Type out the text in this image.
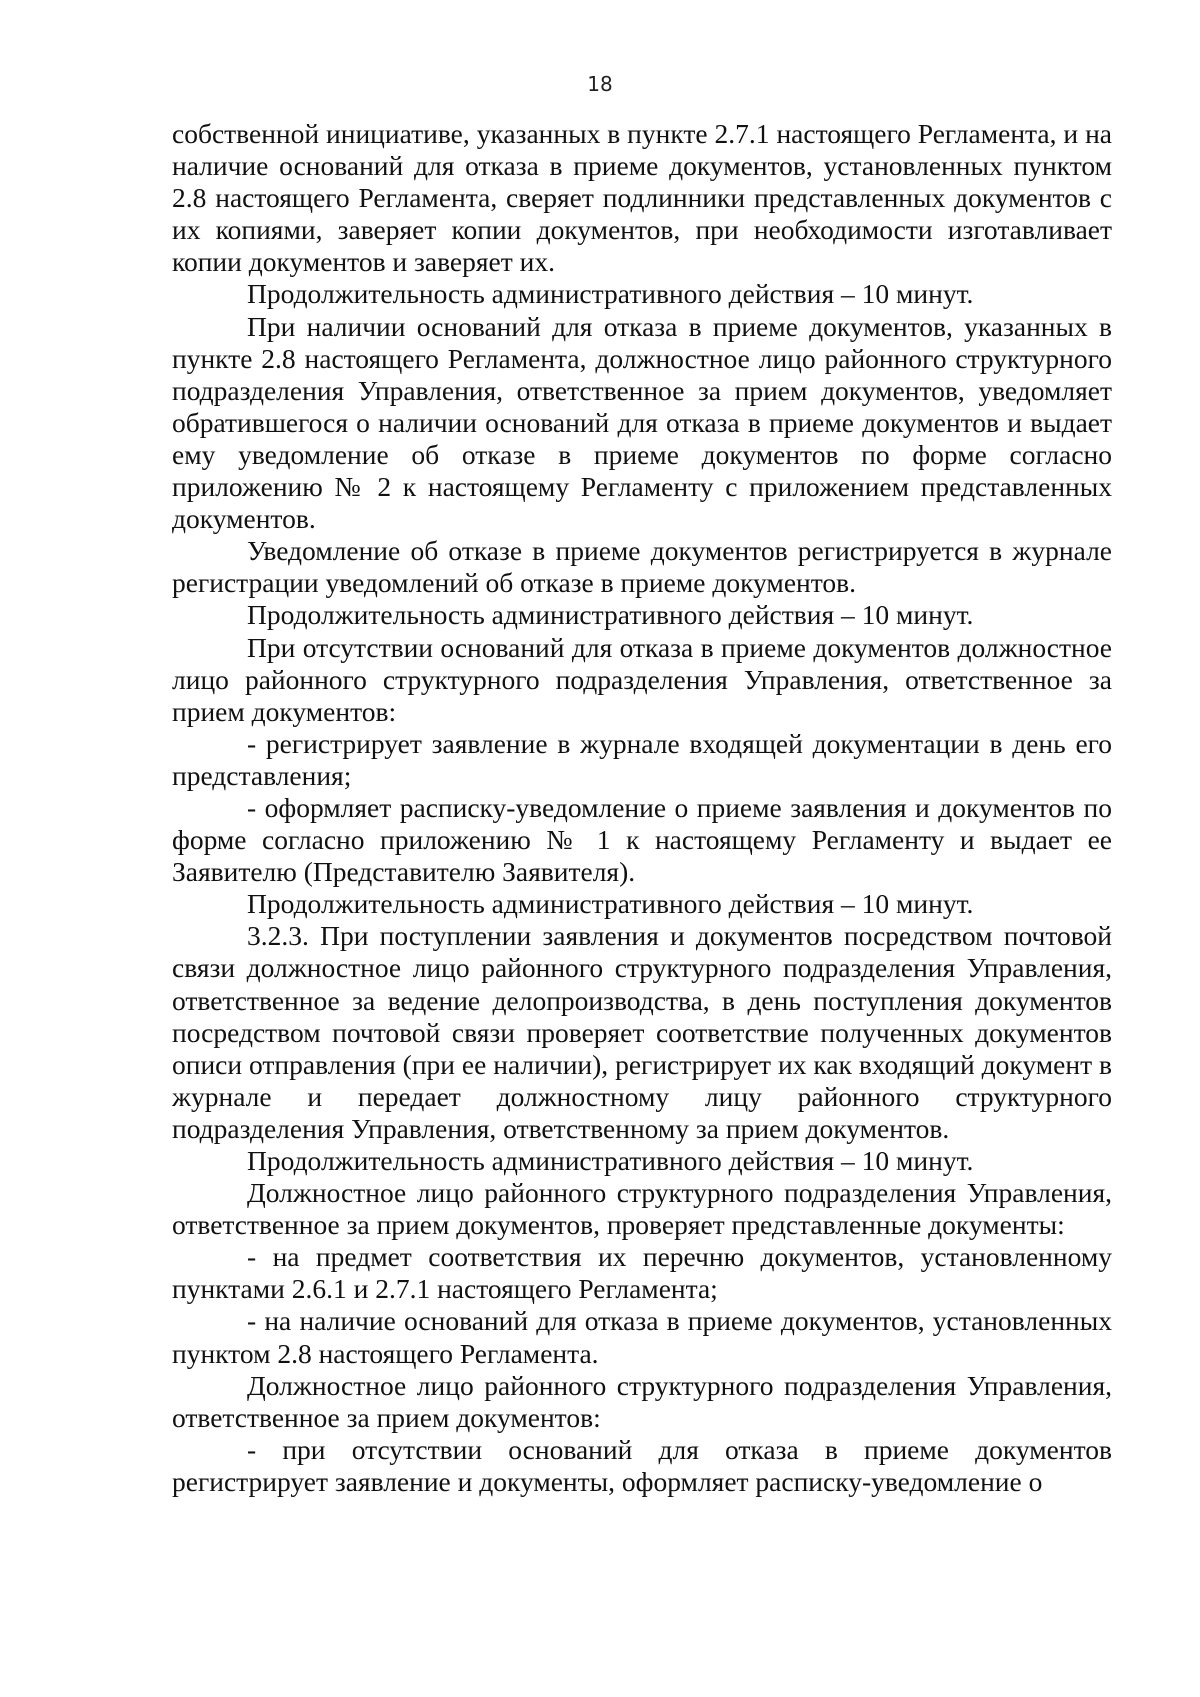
18

собственной инициативе, указанных в пункте 2.7.1 настоящего Регламента, и на наличие оснований для отказа в приеме документов, установленных пунктом 2.8 настоящего Регламента, сверяет подлинники представленных документов с их копиями, заверяет копии документов, при необходимости изготавливает копии документов и заверяет их.

Продолжительность административного действия – 10 минут.

При наличии оснований для отказа в приеме документов, указанных в пункте 2.8 настоящего Регламента, должностное лицо районного структурного подразделения Управления, ответственное за прием документов, уведомляет обратившегося о наличии оснований для отказа в приеме документов и выдает ему уведомление об отказе в приеме документов по форме согласно приложению № 2 к настоящему Регламенту с приложением представленных документов.

Уведомление об отказе в приеме документов регистрируется в журнале регистрации уведомлений об отказе в приеме документов.

Продолжительность административного действия – 10 минут.

При отсутствии оснований для отказа в приеме документов должностное лицо районного структурного подразделения Управления, ответственное за прием документов:

- регистрирует заявление в журнале входящей документации в день его представления;

- оформляет расписку-уведомление о приеме заявления и документов по форме согласно приложению № 1 к настоящему Регламенту и выдает ее Заявителю (Представителю Заявителя).

Продолжительность административного действия – 10 минут.

3.2.3. При поступлении заявления и документов посредством почтовой связи должностное лицо районного структурного подразделения Управления, ответственное за ведение делопроизводства, в день поступления документов посредством почтовой связи проверяет соответствие полученных документов описи отправления (при ее наличии), регистрирует их как входящий документ в журнале и передает должностному лицу районного структурного подразделения Управления, ответственному за прием документов.

Продолжительность административного действия – 10 минут.

Должностное лицо районного структурного подразделения Управления, ответственное за прием документов, проверяет представленные документы:

- на предмет соответствия их перечню документов, установленному пунктами 2.6.1 и 2.7.1 настоящего Регламента;

- на наличие оснований для отказа в приеме документов, установленных пунктом 2.8 настоящего Регламента.

Должностное лицо районного структурного подразделения Управления, ответственное за прием документов:

- при отсутствии оснований для отказа в приеме документов регистрирует заявление и документы, оформляет расписку-уведомление о
